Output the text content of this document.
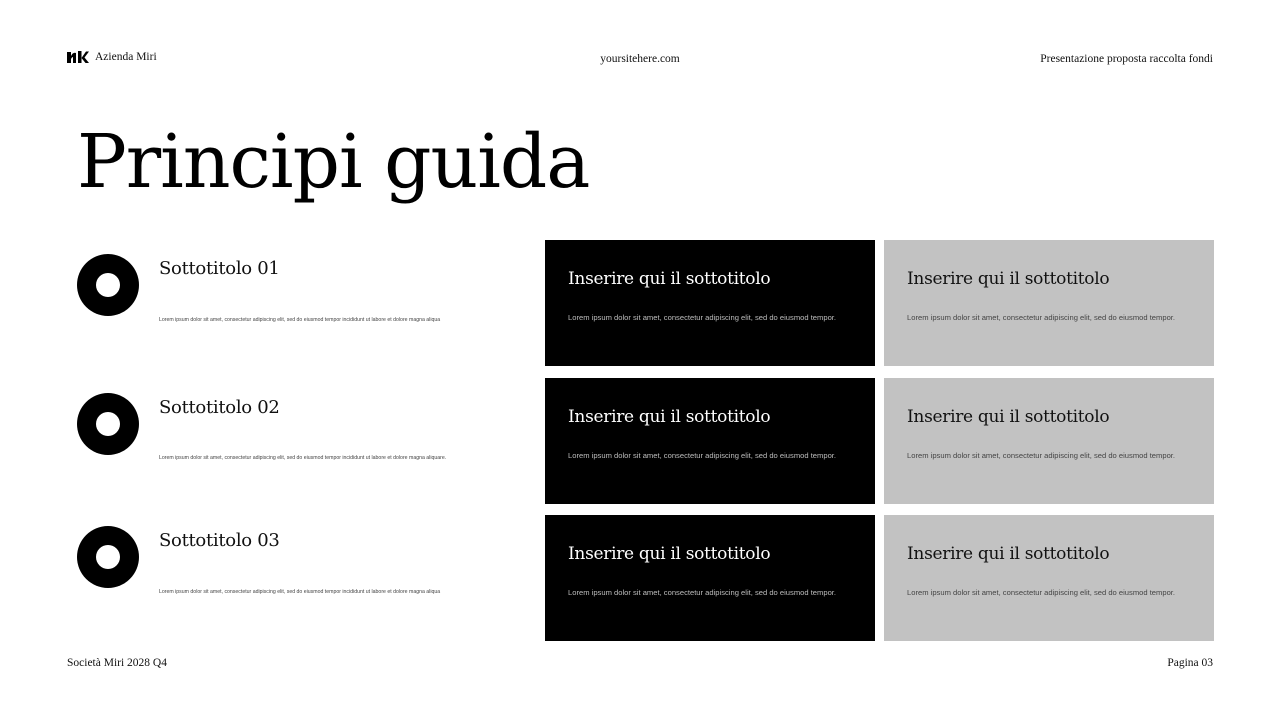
Azienda Miri	yoursitehere.com	Presentazione proposta raccolta fondi
Principi guida
Sottotitolo 01
Lorem ipsum dolor sit amet, consectetur adipiscing elit, sed do eiusmod tempor incididunt ut labore et dolore magna aliqua
Sottotitolo 02
Lorem ipsum dolor sit amet, consectetur adipiscing elit, sed do eiusmod tempor incididunt ut labore et dolore magna aliquare.
Sottotitolo 03
Lorem ipsum dolor sit amet, consectetur adipiscing elit, sed do eiusmod tempor incididunt ut labore et dolore magna aliqua
Inserire qui il sottotitolo
Lorem ipsum dolor sit amet, consectetur adipiscing elit, sed do eiusmod tempor.
Inserire qui il sottotitolo
Lorem ipsum dolor sit amet, consectetur adipiscing elit, sed do eiusmod tempor.
Inserire qui il sottotitolo
Lorem ipsum dolor sit amet, consectetur adipiscing elit, sed do eiusmod tempor.
Inserire qui il sottotitolo
Lorem ipsum dolor sit amet, consectetur adipiscing elit, sed do eiusmod tempor.
Inserire qui il sottotitolo
Lorem ipsum dolor sit amet, consectetur adipiscing elit, sed do eiusmod tempor.
Inserire qui il sottotitolo
Lorem ipsum dolor sit amet, consectetur adipiscing elit, sed do eiusmod tempor.
Società Miri 2028 Q4	Pagina 03
